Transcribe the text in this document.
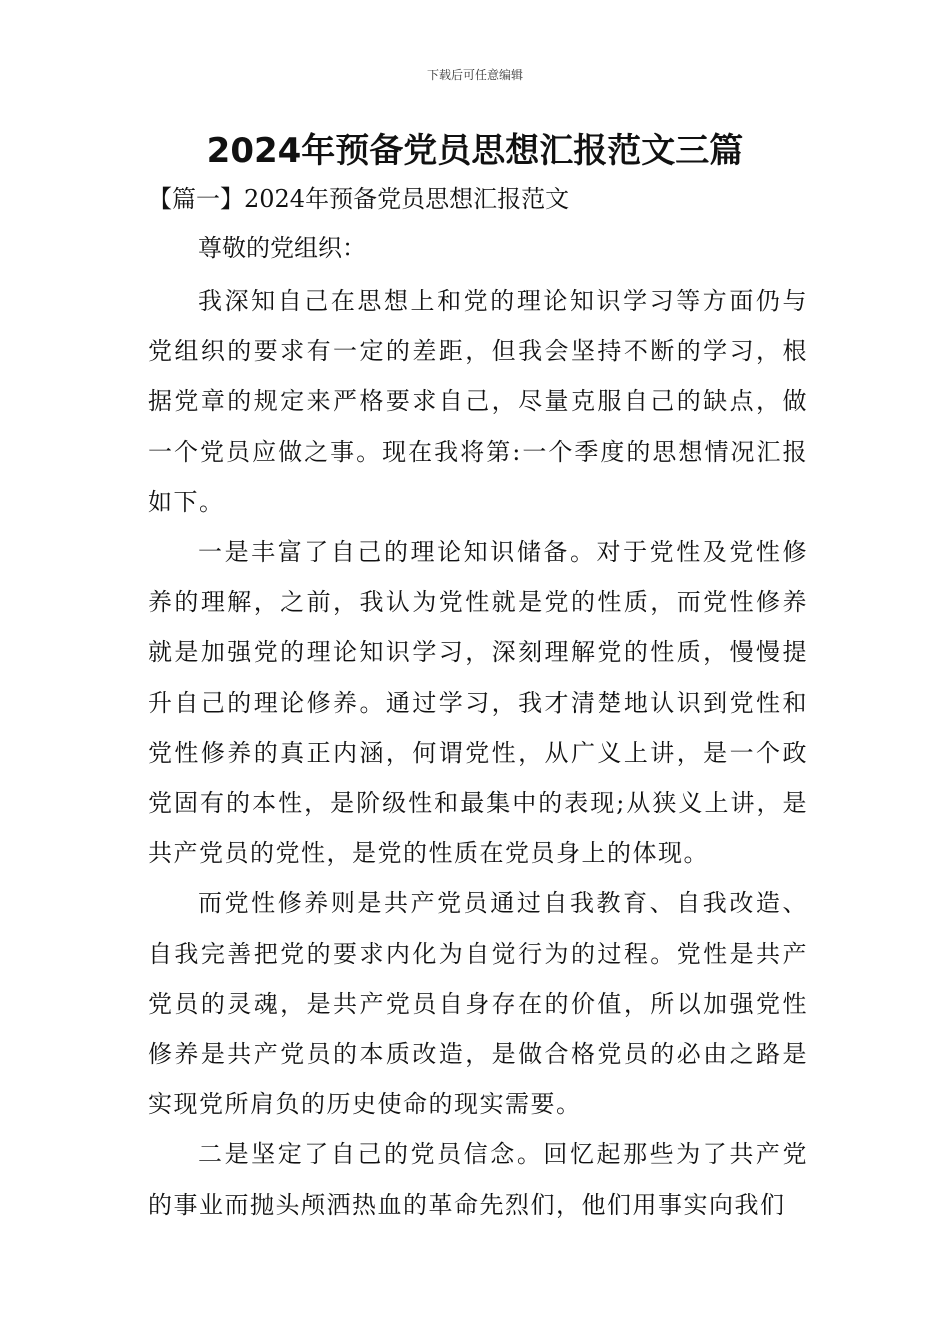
下载后可任意编辑
2024年预备党员思想汇报范文三篇
【篇一】2024年预备党员思想汇报范文
尊敬的党组织：

我深知自己在思想上和党的理论知识学习等方面仍与党组织的要求有一定的差距，但我会坚持不断的学习，根据党章的规定来严格要求自己，尽量克服自己的缺点，做一个党员应做之事。现在我将第:一个季度的思想情况汇报如下。

一是丰富了自己的理论知识储备。对于党性及党性修养的理解，之前，我认为党性就是党的性质，而党性修养就是加强党的理论知识学习，深刻理解党的性质，慢慢提升自己的理论修养。通过学习，我才清楚地认识到党性和党性修养的真正内涵，何谓党性，从广义上讲，是一个政党固有的本性，是阶级性和最集中的表现;从狭义上讲，是共产党员的党性，是党的性质在党员身上的体现。

而党性修养则是共产党员通过自我教育、自我改造、自我完善把党的要求内化为自觉行为的过程。党性是共产党员的灵魂，是共产党员自身存在的价值，所以加强党性修养是共产党员的本质改造，是做合格党员的必由之路是实现党所肩负的历史使命的现实需要。

二是坚定了自己的党员信念。回忆起那些为了共产党的事业而抛头颅洒热血的革命先烈们，他们用事实向我们
